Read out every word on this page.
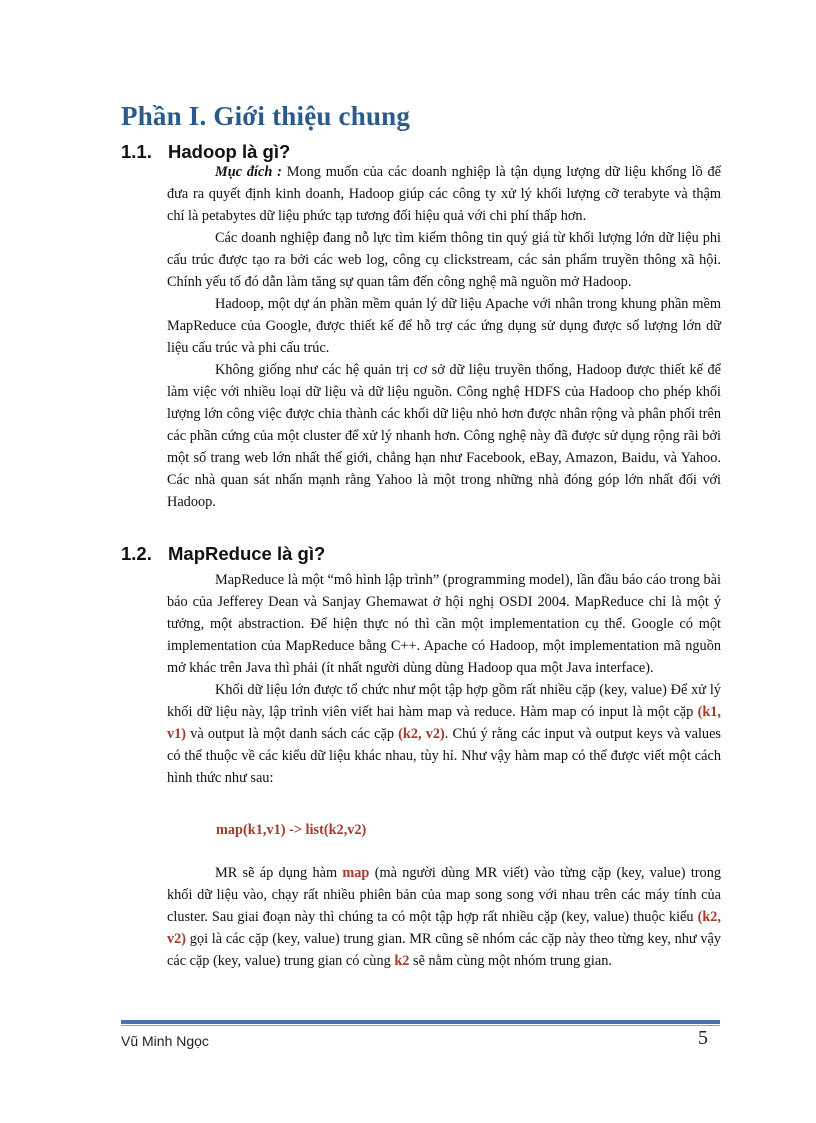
Phần I. Giới thiệu chung
1.1. Hadoop là gì?

Mục đích : Mong muốn của các doanh nghiệp là tận dụng lượng dữ liệu khổng lồ để đưa ra quyết định kinh doanh, Hadoop giúp các công ty xử lý khối lượng cỡ terabyte và thậm chí là petabytes dữ liệu phức tạp tương đối hiệu quả với chi phí thấp hơn.

Các doanh nghiệp đang nỗ lực tìm kiếm thông tin quý giá từ khối lượng lớn dữ liệu phi cấu trúc được tạo ra bởi các web log, công cụ clickstream, các sản phẩm truyền thông xã hội. Chính yếu tố đó dẫn làm tăng sự quan tâm đến công nghệ mã nguồn mở Hadoop.

Hadoop, một dự án phần mềm quản lý dữ liệu Apache với nhân trong khung phần mềm MapReduce của Google, được thiết kế để hỗ trợ các ứng dụng sử dụng được số lượng lớn dữ liệu cấu trúc và phi cấu trúc.

Không giống như các hệ quản trị cơ sở dữ liệu truyền thống, Hadoop được thiết kế để làm việc với nhiều loại dữ liệu và dữ liệu nguồn. Công nghệ HDFS của Hadoop cho phép khối lượng lớn công việc được chia thành các khối dữ liệu nhỏ hơn được nhân rộng và phân phối trên các phần cứng của một cluster để xử lý nhanh hơn. Công nghệ này đã được sử dụng rộng rãi bởi một số trang web lớn nhất thế giới, chẳng hạn như Facebook, eBay, Amazon, Baidu, và Yahoo. Các nhà quan sát nhấn mạnh rằng Yahoo là một trong những nhà đóng góp lớn nhất đối với Hadoop.

1.2. MapReduce là gì?

MapReduce là một “mô hình lập trình” (programming model), lần đầu báo cáo trong bài báo của Jefferey Dean và Sanjay Ghemawat ở hội nghị OSDI 2004. MapReduce chỉ là một ý tưởng, một abstraction. Để hiện thực nó thì cần một implementation cụ thể. Google có một implementation của MapReduce bằng C++. Apache có Hadoop, một implementation mã nguồn mở khác trên Java thì phải (ít nhất người dùng dùng Hadoop qua một Java interface).

Khối dữ liệu lớn được tổ chức như một tập hợp gồm rất nhiều cặp (key, value) Để xử lý khối dữ liệu này, lập trình viên viết hai hàm map và reduce. Hàm map có input là một cặp (k1, v1) và output là một danh sách các cặp (k2, v2). Chú ý rằng các input và output keys và values có thể thuộc về các kiểu dữ liệu khác nhau, tùy hỉ. Như vậy hàm map có thể được viết một cách hình thức như sau:

map(k1,v1) -> list(k2,v2)

MR sẽ áp dụng hàm map (mà người dùng MR viết) vào từng cặp (key, value) trong khối dữ liệu vào, chạy rất nhiều phiên bản của map song song với nhau trên các máy tính của cluster. Sau giai đoạn này thì chúng ta có một tập hợp rất nhiều cặp (key, value) thuộc kiểu (k2, v2) gọi là các cặp (key, value) trung gian. MR cũng sẽ nhóm các cặp này theo từng key, như vậy các cặp (key, value) trung gian có cùng k2 sẽ nằm cùng một nhóm trung gian.

Vũ Minh Ngọc	5
